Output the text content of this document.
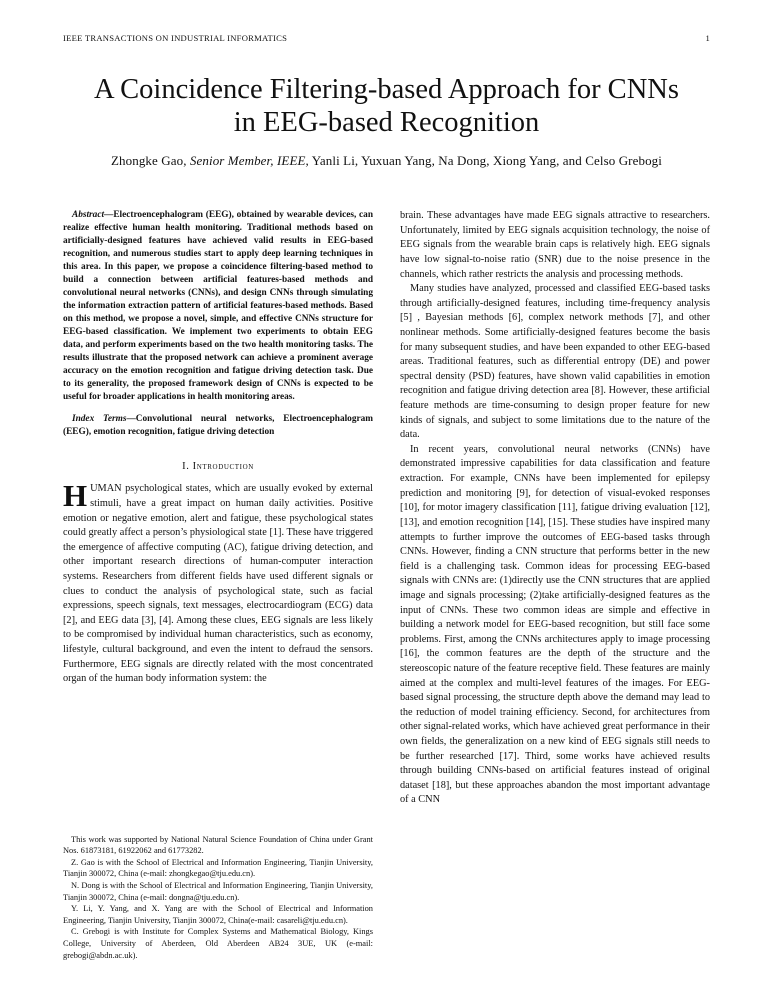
IEEE TRANSACTIONS ON INDUSTRIAL INFORMATICS	1
A Coincidence Filtering-based Approach for CNNs
in EEG-based Recognition
Zhongke Gao, Senior Member, IEEE, Yanli Li, Yuxuan Yang, Na Dong, Xiong Yang, and Celso Grebogi

Abstract—Electroencephalogram (EEG), obtained by wearable devices, can realize effective human health monitoring. Traditional methods based on artificially-designed features have achieved valid results in EEG-based recognition, and numerous studies start to apply deep learning techniques in this area. In this paper, we propose a coincidence filtering-based method to build a connection between artificial features-based methods and convolutional neural networks (CNNs), and design CNNs through simulating the information extraction pattern of artificial features-based methods. Based on this method, we propose a novel, simple, and effective CNNs structure for EEG-based classification. We implement two experiments to obtain EEG data, and perform experiments based on the two health monitoring tasks. The results illustrate that the proposed network can achieve a prominent average accuracy on the emotion recognition and fatigue driving detection task. Due to its generality, the proposed framework design of CNNs is expected to be useful for broader applications in health monitoring areas.

Index Terms—Convolutional neural networks, Electroencephalogram (EEG), emotion recognition, fatigue driving detection

I. Introduction

HUMAN psychological states, which are usually evoked by external stimuli, have a great impact on human daily activities. Positive emotion or negative emotion, alert and fatigue, these psychological states could greatly affect a person’s physiological state [1]. These have triggered the emergence of affective computing (AC), fatigue driving detection, and other important research directions of human-computer interaction systems. Researchers from different fields have used different signals or clues to conduct the analysis of psychological state, such as facial expressions, speech signals, text messages, electrocardiogram (ECG) data [2], and EEG data [3], [4]. Among these clues, EEG signals are less likely to be compromised by individual human characteristics, such as economy, lifestyle, cultural background, and even the intent to defraud the sensors. Furthermore, EEG signals are directly related with the most concentrated organ of the human body information system: the

This work was supported by National Natural Science Foundation of China under Grant Nos. 61873181, 61922062 and 61773282.

Z. Gao is with the School of Electrical and Information Engineering, Tianjin University, Tianjin 300072, China (e-mail: zhongkegao@tju.edu.cn).

N. Dong is with the School of Electrical and Information Engineering, Tianjin University, Tianjin 300072, China (e-mail: dongna@tju.edu.cn).

Y. Li, Y. Yang, and X. Yang are with the School of Electrical and Information Engineering, Tianjin University, Tianjin 300072, China(e-mail: casareli@tju.edu.cn).

C. Grebogi is with Institute for Complex Systems and Mathematical Biology, Kings College, University of Aberdeen, Old Aberdeen AB24 3UE, UK (e-mail: grebogi@abdn.ac.uk).

brain. These advantages have made EEG signals attractive to researchers. Unfortunately, limited by EEG signals acquisition technology, the noise of EEG signals from the wearable brain caps is relatively high. EEG signals have low signal-to-noise ratio (SNR) due to the noise presence in the channels, which rather restricts the analysis and processing methods.

Many studies have analyzed, processed and classified EEG-based tasks through artificially-designed features, including time-frequency analysis [5] , Bayesian methods [6], complex network methods [7], and other nonlinear methods. Some artificially-designed features become the basis for many subsequent studies, and have been expanded to other EEG-based areas. Traditional features, such as differential entropy (DE) and power spectral density (PSD) features, have shown valid capabilities in emotion recognition and fatigue driving detection area [8]. However, these artificial feature methods are time-consuming to design proper feature for new kinds of signals, and subject to some limitations due to the nature of the data.

In recent years, convolutional neural networks (CNNs) have demonstrated impressive capabilities for data classification and feature extraction. For example, CNNs have been implemented for epilepsy prediction and monitoring [9], for detection of visual-evoked responses [10], for motor imagery classification [11], fatigue driving evaluation [12], [13], and emotion recognition [14], [15]. These studies have inspired many attempts to further improve the outcomes of EEG-based tasks through CNNs. However, finding a CNN structure that performs better in the new field is a challenging task. Common ideas for processing EEG-based signals with CNNs are: (1)directly use the CNN structures that are applied image and signals processing; (2)take artificially-designed features as the input of CNNs. These two common ideas are simple and effective in building a network model for EEG-based recognition, but still face some problems. First, among the CNNs architectures apply to image processing [16], the common features are the depth of the structure and the stereoscopic nature of the feature receptive field. These features are mainly aimed at the complex and multi-level features of the images. For EEG-based signal processing, the structure depth above the demand may lead to the reduction of model training efficiency. Second, for architectures from other signal-related works, which have achieved great performance in their own fields, the generalization on a new kind of EEG signals still needs to be further researched [17]. Third, some works have achieved results through building CNNs-based on artificial features instead of original dataset [18], but these approaches abandon the most important advantage of a CNN
